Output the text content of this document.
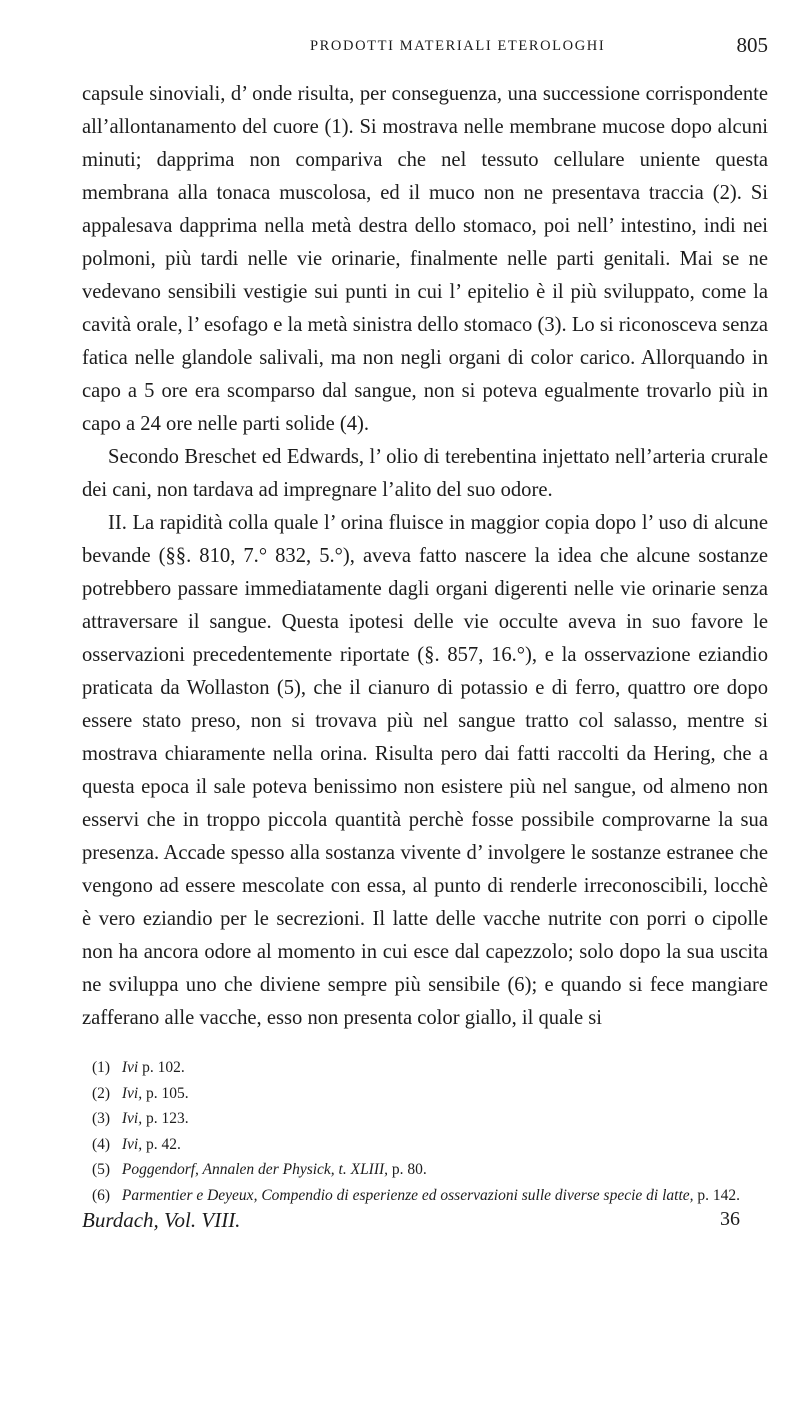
PRODOTTI MATERIALI ETEROLOGHI	805

capsule sinoviali, d’ onde risulta, per conseguenza, una successione corrispondente all’allontanamento del cuore (1). Si mostrava nelle membrane mucose dopo alcuni minuti; dapprima non compariva che nel tessuto cellulare uniente questa membrana alla tonaca muscolosa, ed il muco non ne presentava traccia (2). Si appalesava dapprima nella metà destra dello stomaco, poi nell’ intestino, indi nei polmoni, più tardi nelle vie orinarie, finalmente nelle parti genitali. Mai se ne vedevano sensibili vestigie sui punti in cui l’ epitelio è il più sviluppato, come la cavità orale, l’ esofago e la metà sinistra dello stomaco (3). Lo si riconosceva senza fatica nelle glandole salivali, ma non negli organi di color carico. Allorquando in capo a 5 ore era scomparso dal sangue, non si poteva egualmente trovarlo più in capo a 24 ore nelle parti solide (4).

Secondo Breschet ed Edwards, l’ olio di terebentina injettato nell’arteria crurale dei cani, non tardava ad impregnare l’alito del suo odore.

II. La rapidità colla quale l’ orina fluisce in maggior copia dopo l’ uso di alcune bevande (§§. 810, 7.° 832, 5.°), aveva fatto nascere la idea che alcune sostanze potrebbero passare immediatamente dagli organi digerenti nelle vie orinarie senza attraversare il sangue. Questa ipotesi delle vie occulte aveva in suo favore le osservazioni precedentemente riportate (§. 857, 16.°), e la osservazione eziandio praticata da Wollaston (5), che il cianuro di potassio e di ferro, quattro ore dopo essere stato preso, non si trovava più nel sangue tratto col salasso, mentre si mostrava chiaramente nella orina. Risulta pero dai fatti raccolti da Hering, che a questa epoca il sale poteva benissimo non esistere più nel sangue, od almeno non esservi che in troppo piccola quantità perchè fosse possibile comprovarne la sua presenza. Accade spesso alla sostanza vivente d’ involgere le sostanze estranee che vengono ad essere mescolate con essa, al punto di renderle irreconoscibili, locchè è vero eziandio per le secrezioni. Il latte delle vacche nutrite con porri o cipolle non ha ancora odore al momento in cui esce dal capezzolo; solo dopo la sua uscita ne sviluppa uno che diviene sempre più sensibile (6); e quando si fece mangiare zafferano alle vacche, esso non presenta color giallo, il quale si

(1) Ivi p. 102.
(2) Ivi, p. 105.
(3) Ivi, p. 123.
(4) Ivi, p. 42.
(5) Poggendorf, Annalen der Physick, t. XLIII, p. 80.
(6) Parmentier e Deyeux, Compendio di esperienze ed osservazioni sulle diverse specie di latte, p. 142.
Burdach, Vol. VIII.	36
